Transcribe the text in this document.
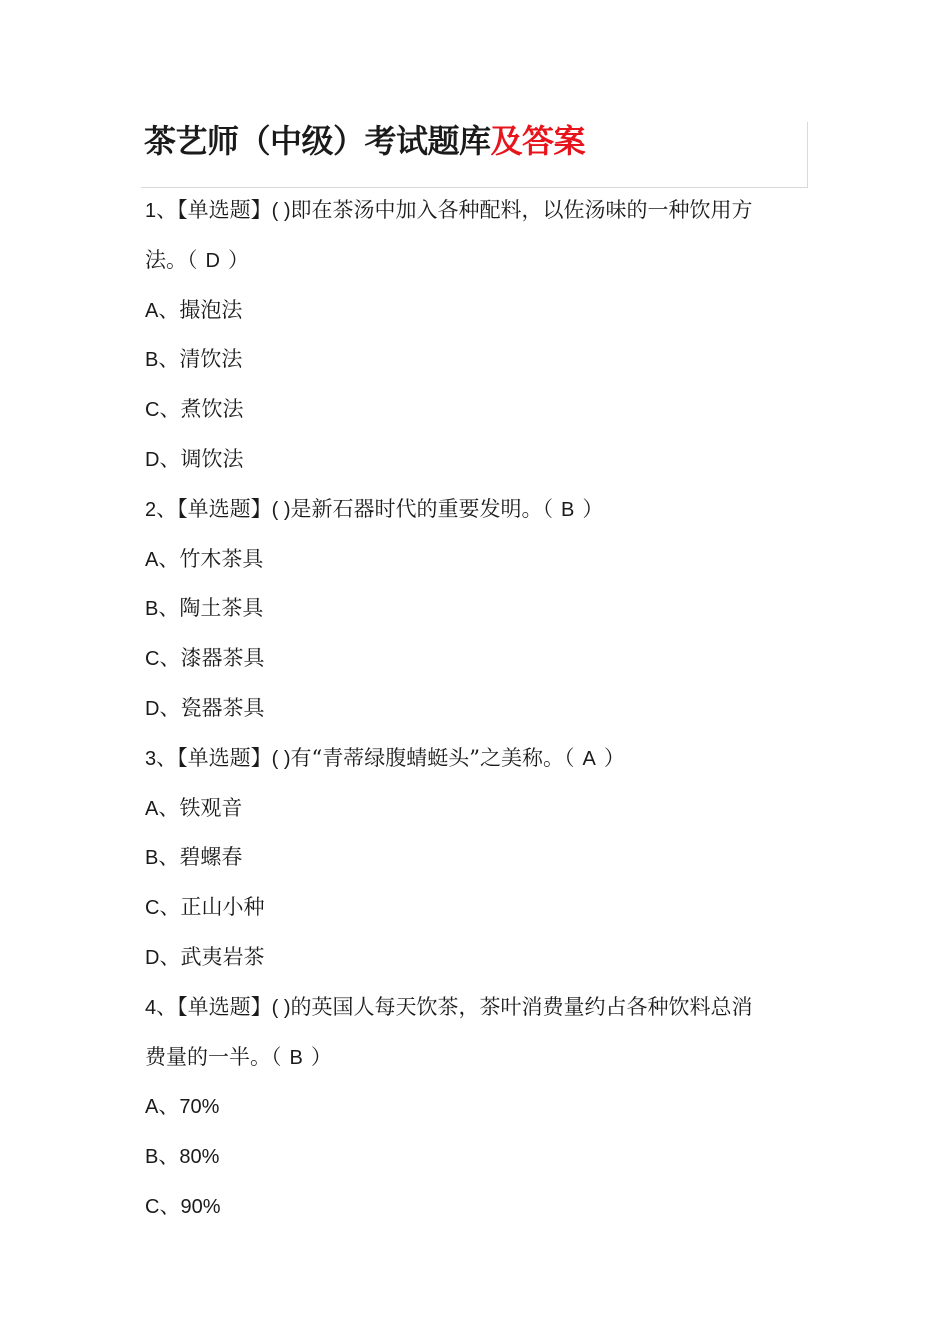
茶艺师（中级）考试题库及答案
1、【单选题】( )即在茶汤中加入各种配料，以佐汤味的一种饮用方
法。（ D ）
A、撮泡法
B、清饮法
C、煮饮法
D、调饮法
2、【单选题】( )是新石器时代的重要发明。（ B ）
A、竹木茶具
B、陶土茶具
C、漆器茶具
D、瓷器茶具
3、【单选题】( )有“青蒂绿腹蜻蜓头”之美称。（ A ）
A、铁观音
B、碧螺春
C、正山小种
D、武夷岩茶
4、【单选题】( )的英国人每天饮茶，茶叶消费量约占各种饮料总消
费量的一半。（ B ）
A、70%
B、80%
C、90%
